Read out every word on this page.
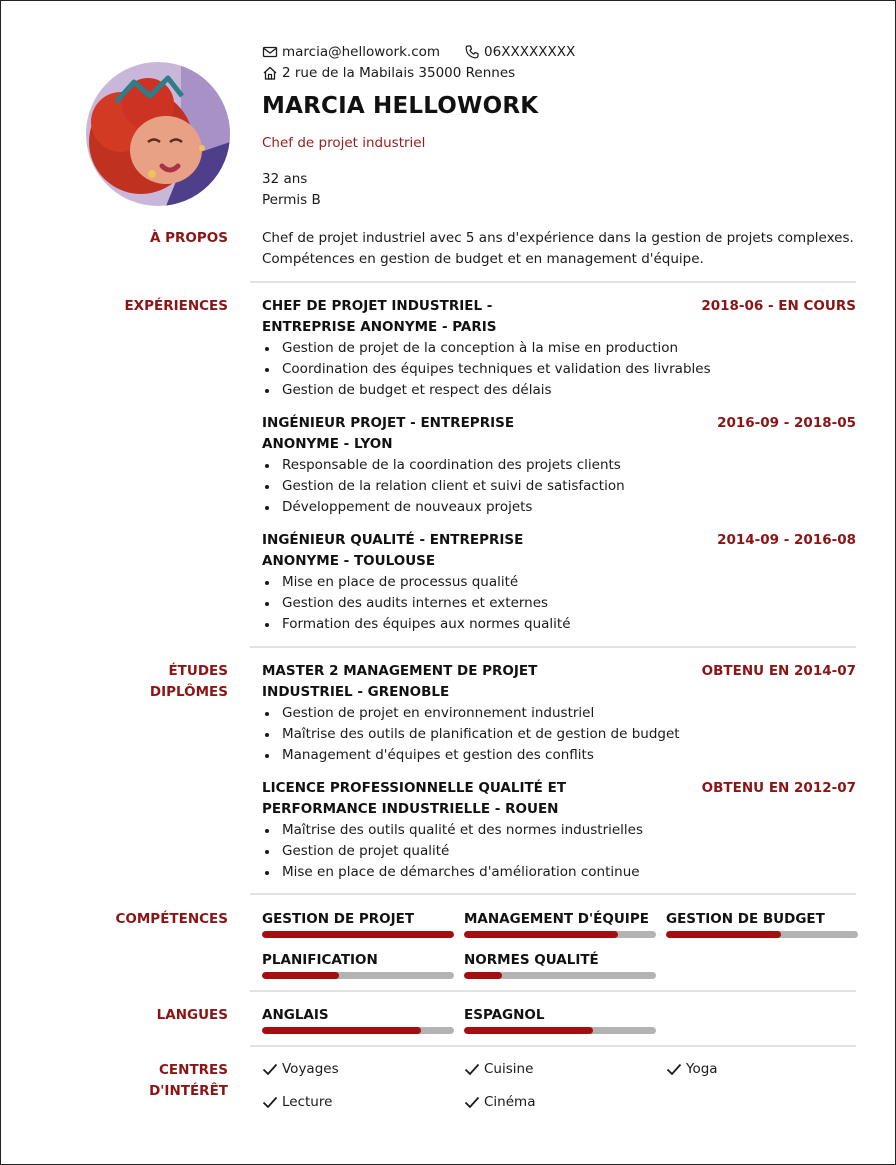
marcia@hellowork.com	06XXXXXXXX
2 rue de la Mabilais 35000 Rennes
MARCIA HELLOWORK
Chef de projet industriel
32 ans
Permis B
À PROPOS	Chef de projet industriel avec 5 ans d'expérience dans la gestion de projets complexes. Compétences en gestion de budget et en management d'équipe.
EXPÉRIENCES	CHEF DE PROJET INDUSTRIEL -
ENTREPRISE ANONYME - PARIS
2018-06 - EN COURS
Gestion de projet de la conception à la mise en production
Coordination des équipes techniques et validation des livrables
Gestion de budget et respect des délais
INGÉNIEUR PROJET - ENTREPRISE
ANONYME - LYON
2016-09 - 2018-05
Responsable de la coordination des projets clients
Gestion de la relation client et suivi de satisfaction
Développement de nouveaux projets
INGÉNIEUR QUALITÉ - ENTREPRISE
ANONYME - TOULOUSE
2014-09 - 2016-08
Mise en place de processus qualité
Gestion des audits internes et externes
Formation des équipes aux normes qualité
ÉTUDES
DIPLÔMES
MASTER 2 MANAGEMENT DE PROJET
INDUSTRIEL - GRENOBLE
OBTENU EN 2014-07
Gestion de projet en environnement industriel
Maîtrise des outils de planification et de gestion de budget
Management d'équipes et gestion des conflits
LICENCE PROFESSIONNELLE QUALITÉ ET
PERFORMANCE INDUSTRIELLE - ROUEN
OBTENU EN 2012-07
Maîtrise des outils qualité et des normes industrielles
Gestion de projet qualité
Mise en place de démarches d'amélioration continue
COMPÉTENCES	GESTION DE PROJET	MANAGEMENT D'ÉQUIPE	GESTION DE BUDGET
PLANIFICATION	NORMES QUALITÉ
LANGUES	ANGLAIS	ESPAGNOL
CENTRES
D'INTÉRÊT
Voyages	Cuisine	Yoga
Lecture	Cinéma
